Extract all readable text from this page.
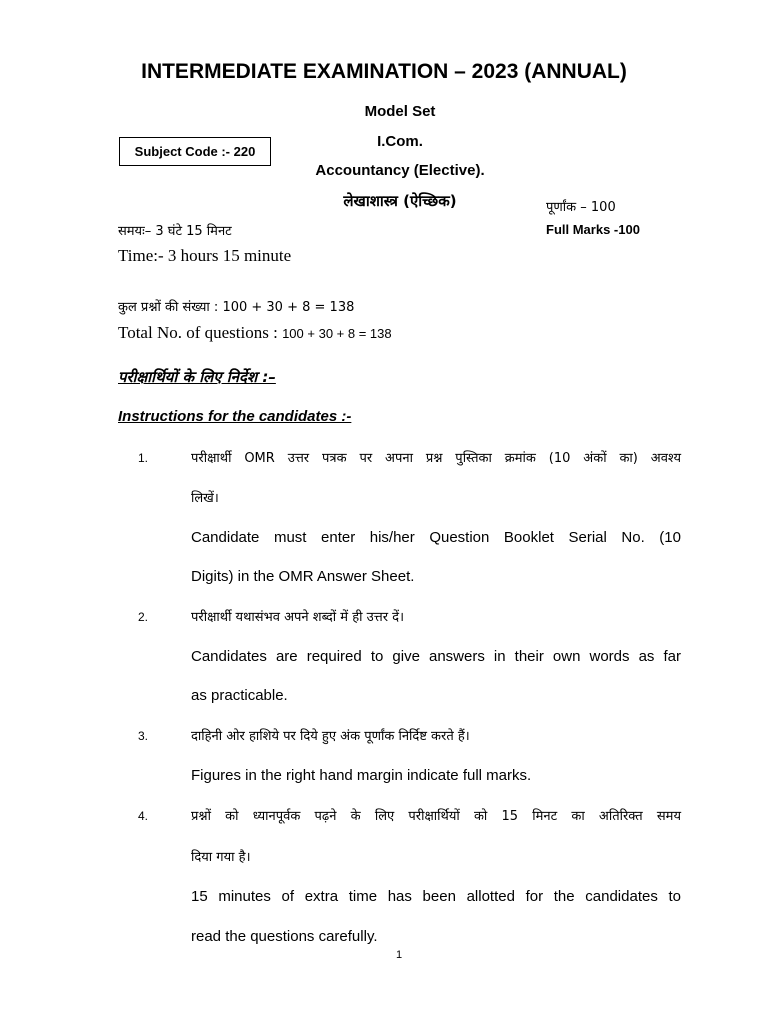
INTERMEDIATE EXAMINATION – 2023 (ANNUAL)
Model Set
I.Com.
Accountancy (Elective).
लेखाशास्त्र (ऐच्छिक)
Subject Code :- 220
पूर्णांक – 100
Full Marks -100
समयः– 3 घंटे 15 मिनट
Time:- 3 hours 15 minute
कुल प्रश्नों की संख्या : 100 + 30 + 8 = 138
Total No. of questions : 100 + 30 + 8 = 138
परीक्षार्थियों के लिए निर्देश :–
Instructions for the candidates :-
1.	परीक्षार्थी OMR उत्तर पत्रक पर अपना प्रश्न पुस्तिका क्रमांक (10 अंकों का) अवश्य
लिखें।
Candidate must enter his/her Question Booklet Serial No. (10
Digits) in the OMR Answer Sheet.
2.	परीक्षार्थी यथासंभव अपने शब्दों में ही उत्तर दें।
Candidates are required to give answers in their own words as far
as practicable.
3.	दाहिनी ओर हाशिये पर दिये हुए अंक पूर्णांक निर्दिष्ट करते हैं।
Figures in the right hand margin indicate full marks.
4.	प्रश्नों को ध्यानपूर्वक पढ़ने के लिए परीक्षार्थियों को 15 मिनट का अतिरिक्त समय
दिया गया है।
15 minutes of extra time has been allotted for the candidates to
read the questions carefully.
1
